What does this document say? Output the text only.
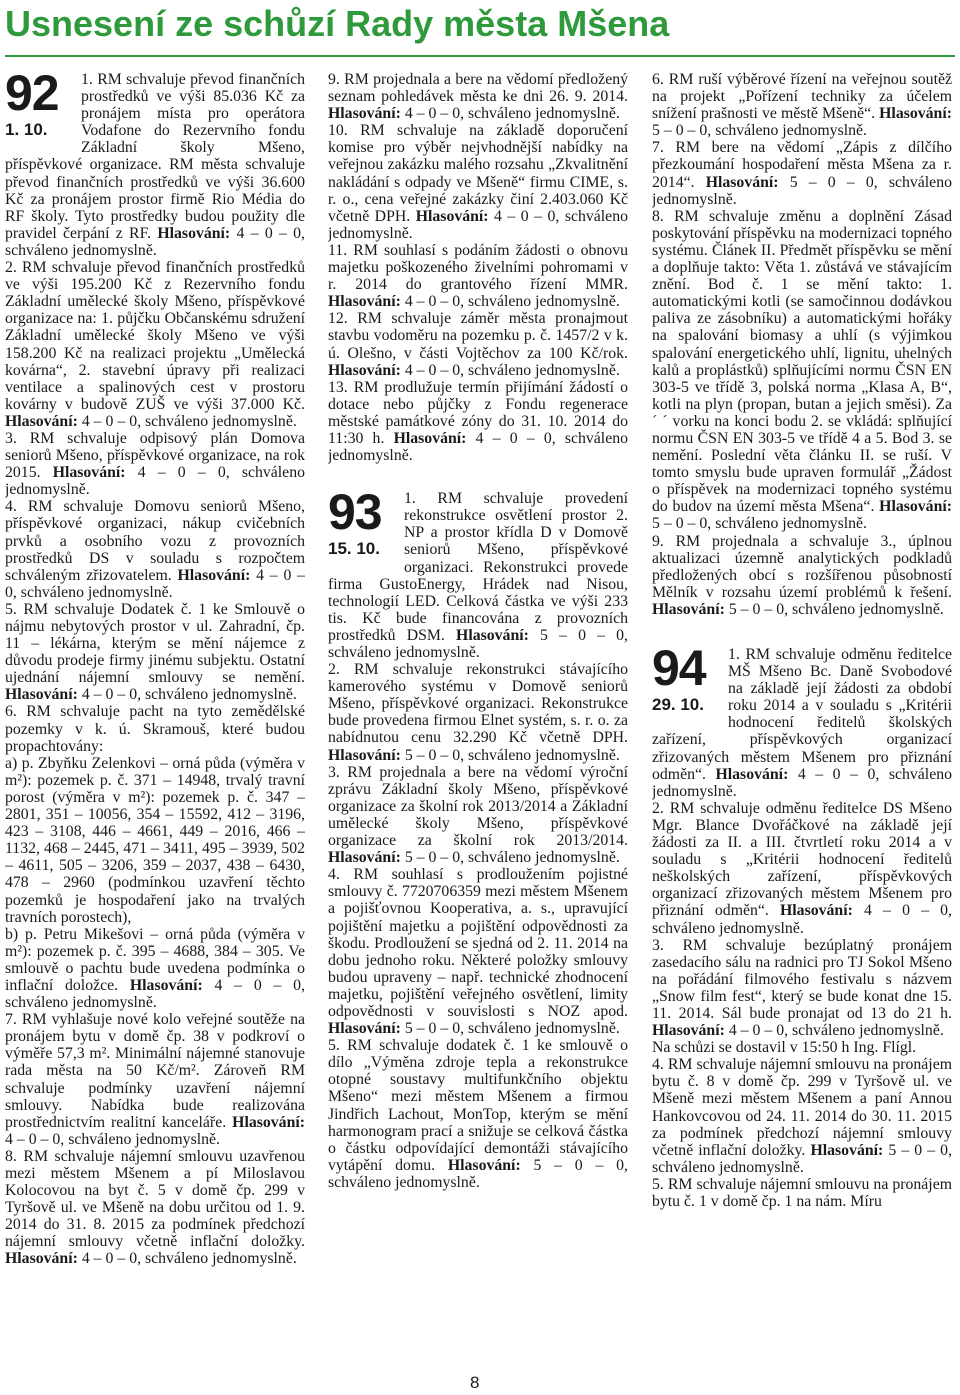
Usnesení ze schůzí Rady města Mšena
92
1. 10.

1. RM schvaluje převod finančních prostředků ve výši 85.036 Kč za pronájem místa pro operátora Vodafone do Rezervního fondu Základní školy Mšeno, příspěvkové organizace. RM města schvaluje převod finančních prostředků ve výši 36.600 Kč za pronájem prostor firmě Rio Média do RF školy. Tyto prostředky budou použity dle pravidel čerpání z RF. Hlasování: 4 – 0 – 0, schváleno jednomyslně.

2. RM schvaluje převod finančních prostředků ve výši 195.200 Kč z Rezervního fondu Základní umělecké školy Mšeno, příspěvkové organizace na: 1. půjčku Občanskému sdružení Základní umělecké školy Mšeno ve výši 158.200 Kč na realizaci projektu „Umělecká kovárna“, 2. stavební úpravy při realizaci ventilace a spalinových cest v prostoru kovárny v budově ZUŠ ve výši 37.000 Kč. Hlasování: 4 – 0 – 0, schváleno jednomyslně.

3. RM schvaluje odpisový plán Domova seniorů Mšeno, příspěvkové organizace, na rok 2015. Hlasování: 4 – 0 – 0, schváleno jednomyslně.

4. RM schvaluje Domovu seniorů Mšeno, příspěvkové organizaci, nákup cvičebních prvků a osobního vozu z provozních prostředků DS v souladu s rozpočtem schváleným zřizovatelem. Hlasování: 4 – 0 – 0, schváleno jednomyslně.

5. RM schvaluje Dodatek č. 1 ke Smlouvě o nájmu nebytových prostor v ul. Zahradní, čp. 11 – lékárna, kterým se mění nájemce z důvodu prodeje firmy jinému subjektu. Ostatní ujednání nájemní smlouvy se nemění. Hlasování: 4 – 0 – 0, schváleno jednomyslně.

6. RM schvaluje pacht na tyto zemědělské pozemky v k. ú. Skramouš, které budou propachtovány:
a) p. Zbyňku Zelenkovi – orná půda (výměra v m²): pozemek p. č. 371 – 14948, trvalý travní porost (výměra v m²): pozemek p. č. 347 – 2801, 351 – 10056, 354 – 15592, 412 – 3196, 423 – 3108, 446 – 4661, 449 – 2016, 466 – 1132, 468 – 2445, 471 – 3411, 495 – 3939, 502 – 4611, 505 – 3206, 359 – 2037, 438 – 6430, 478 – 2960 (podmínkou uzavření těchto pozemků je hospodaření jako na trvalých travních porostech),
b) p. Petru Mikešovi – orná půda (výměra v m²): pozemek p. č. 395 – 4688, 384 – 305. Ve smlouvě o pachtu bude uvedena podmínka o inflační doložce. Hlasování: 4 – 0 – 0, schváleno jednomyslně.

7. RM vyhlašuje nové kolo veřejné soutěže na pronájem bytu v domě čp. 38 v podkroví o výměře 57,3 m². Minimální nájemné stanovuje rada města na 50 Kč/m². Zároveň RM schvaluje podmínky uzavření nájemní smlouvy. Nabídka bude realizována prostřednictvím realitní kanceláře. Hlasování: 4 – 0 – 0, schváleno jednomyslně.

8. RM schvaluje nájemní smlouvu uzavřenou mezi městem Mšenem a pí Miloslavou Kolocovou na byt č. 5 v domě čp. 299 v Tyršově ul. ve Mšeně na dobu určitou od 1. 9. 2014 do 31. 8. 2015 za podmínek předchozí nájemní smlouvy včetně inflační doložky. Hlasování: 4 – 0 – 0, schváleno jednomyslně.

9. RM projednala a bere na vědomí předložený seznam pohledávek města ke dni 26. 9. 2014. Hlasování: 4 – 0 – 0, schváleno jednomyslně.

10. RM schvaluje na základě doporučení komise pro výběr nejvhodnější nabídky na veřejnou zakázku malého rozsahu „Zkvalitnění nakládání s odpady ve Mšeně“ firmu CIME, s. r. o., cena veřejné zakázky činí 2.403.060 Kč včetně DPH. Hlasování: 4 – 0 – 0, schváleno jednomyslně.

11. RM souhlasí s podáním žádosti o obnovu majetku poškozeného živelními pohromami v r. 2014 do grantového řízení MMR. Hlasování: 4 – 0 – 0, schváleno jednomyslně.

12. RM schvaluje záměr města pronajmout stavbu vodoměru na pozemku p. č. 1457/2 v k. ú. Olešno, v části Vojtěchov za 100 Kč/rok. Hlasování: 4 – 0 – 0, schváleno jednomyslně.

13. RM prodlužuje termín přijímání žádostí o dotace nebo půjčky z Fondu regenerace městské památkové zóny do 31. 10. 2014 do 11:30 h. Hlasování: 4 – 0 – 0, schváleno jednomyslně.

93
15. 10.

1. RM schvaluje provedení rekonstrukce osvětlení prostor 2. NP a prostor křídla D v Domově seniorů Mšeno, příspěvkové organizaci. Rekonstrukci provede firma GustoEnergy, Hrádek nad Nisou, technologií LED. Celková částka ve výši 233 tis. Kč bude financována z provozních prostředků DSM. Hlasování: 5 – 0 – 0, schváleno jednomyslně.

2. RM schvaluje rekonstrukci stávajícího kamerového systému v Domově seniorů Mšeno, příspěvkové organizaci. Rekonstrukce bude provedena firmou Elnet systém, s. r. o. za nabídnutou cenu 32.290 Kč včetně DPH. Hlasování: 5 – 0 – 0, schváleno jednomyslně.

3. RM projednala a bere na vědomí výroční zprávu Základní školy Mšeno, příspěvkové organizace za školní rok 2013/2014 a Základní umělecké školy Mšeno, příspěvkové organizace za školní rok 2013/2014. Hlasování: 5 – 0 – 0, schváleno jednomyslně.

4. RM souhlasí s prodloužením pojistné smlouvy č. 7720706359 mezi městem Mšenem a pojišťovnou Kooperativa, a. s., upravující pojištění majetku a pojištění odpovědnosti za škodu. Prodloužení se sjedná od 2. 11. 2014 na dobu jednoho roku. Některé položky smlouvy budou upraveny – např. technické zhodnocení majetku, pojištění veřejného osvětlení, limity odpovědnosti v souvislosti s NOZ apod. Hlasování: 5 – 0 – 0, schváleno jednomyslně.

5. RM schvaluje dodatek č. 1 ke smlouvě o dílo „Výměna zdroje tepla a rekonstrukce otopné soustavy multifunkčního objektu Mšeno“ mezi městem Mšenem a firmou Jindřich Lachout, MonTop, kterým se mění harmonogram prací a snižuje se celková částka o částku odpovídající demontáži stávajícího vytápění domu. Hlasování: 5 – 0 – 0, schváleno jednomyslně.

6. RM ruší výběrové řízení na veřejnou soutěž na projekt „Pořízení techniky za účelem snížení prašnosti ve městě Mšeně“. Hlasování: 5 – 0 – 0, schváleno jednomyslně.

7. RM bere na vědomí „Zápis z dílčího přezkoumání hospodaření města Mšena za r. 2014“. Hlasování: 5 – 0 – 0, schváleno jednomyslně.

8. RM schvaluje změnu a doplnění Zásad poskytování příspěvku na modernizaci topného systému. Článek II. Předmět příspěvku se mění a doplňuje takto: Věta 1. zůstává ve stávajícím znění. Bod č. 1 se mění takto: 1. automatickými kotli (se samočinnou dodávkou paliva ze zásobníku) a automatickými hořáky na spalování biomasy a uhlí (s výjimkou spalování energetického uhlí, lignitu, uhelných kalů a proplástků) splňujícími normu ČSN EN 303-5 ve třídě 3, polská norma „Klasa A, B“, kotli na plyn (propan, butan a jejich směsi). Za ´ ´ vorku na konci bodu 2. se vkládá: splňující normu ČSN EN 303-5 ve třídě 4 a 5. Bod 3. se nemění. Poslední věta článku II. se ruší. V tomto smyslu bude upraven formulář „Žádost o příspěvek na modernizaci topného systému do budov na území města Mšena“. Hlasování: 5 – 0 – 0, schváleno jednomyslně.

9. RM projednala a schvaluje 3., úplnou aktualizaci územně analytických podkladů předložených obcí s rozšířenou působností Mělník v rozsahu území problémů k řešení. Hlasování: 5 – 0 – 0, schváleno jednomyslně.

94
29. 10.

1. RM schvaluje odměnu ředitelce MŠ Mšeno Bc. Daně Svobodové na základě její žádosti za období roku 2014 a v souladu s „Kritérii hodnocení ředitelů školských zařízení, příspěvkových organizací zřizovaných městem Mšenem pro přiznání odměn“. Hlasování: 4 – 0 – 0, schváleno jednomyslně.

2. RM schvaluje odměnu ředitelce DS Mšeno Mgr. Blance Dvořáčkové na základě její žádosti za II. a III. čtvrtletí roku 2014 a v souladu s „Kritérii hodnocení ředitelů neškolských zařízení, příspěvkových organizací zřizovaných městem Mšenem pro přiznání odměn“. Hlasování: 4 – 0 – 0, schváleno jednomyslně.

3. RM schvaluje bezúplatný pronájem zasedacího sálu na radnici pro TJ Sokol Mšeno na pořádání filmového festivalu s názvem „Snow film fest“, který se bude konat dne 15. 11. 2014. Sál bude pronajat od 13 do 21 h. Hlasování: 4 – 0 – 0, schváleno jednomyslně.

Na schůzi se dostavil v 15:50 h Ing. Flígl.

4. RM schvaluje nájemní smlouvu na pronájem bytu č. 8 v domě čp. 299 v Tyršově ul. ve Mšeně mezi městem Mšenem a paní Annou Hankovcovou od 24. 11. 2014 do 30. 11. 2015 za podmínek předchozí nájemní smlouvy včetně inflační doložky. Hlasování: 5 – 0 – 0, schváleno jednomyslně.

5. RM schvaluje nájemní smlouvu na pronájem bytu č. 1 v domě čp. 1 na nám. Míru

8
